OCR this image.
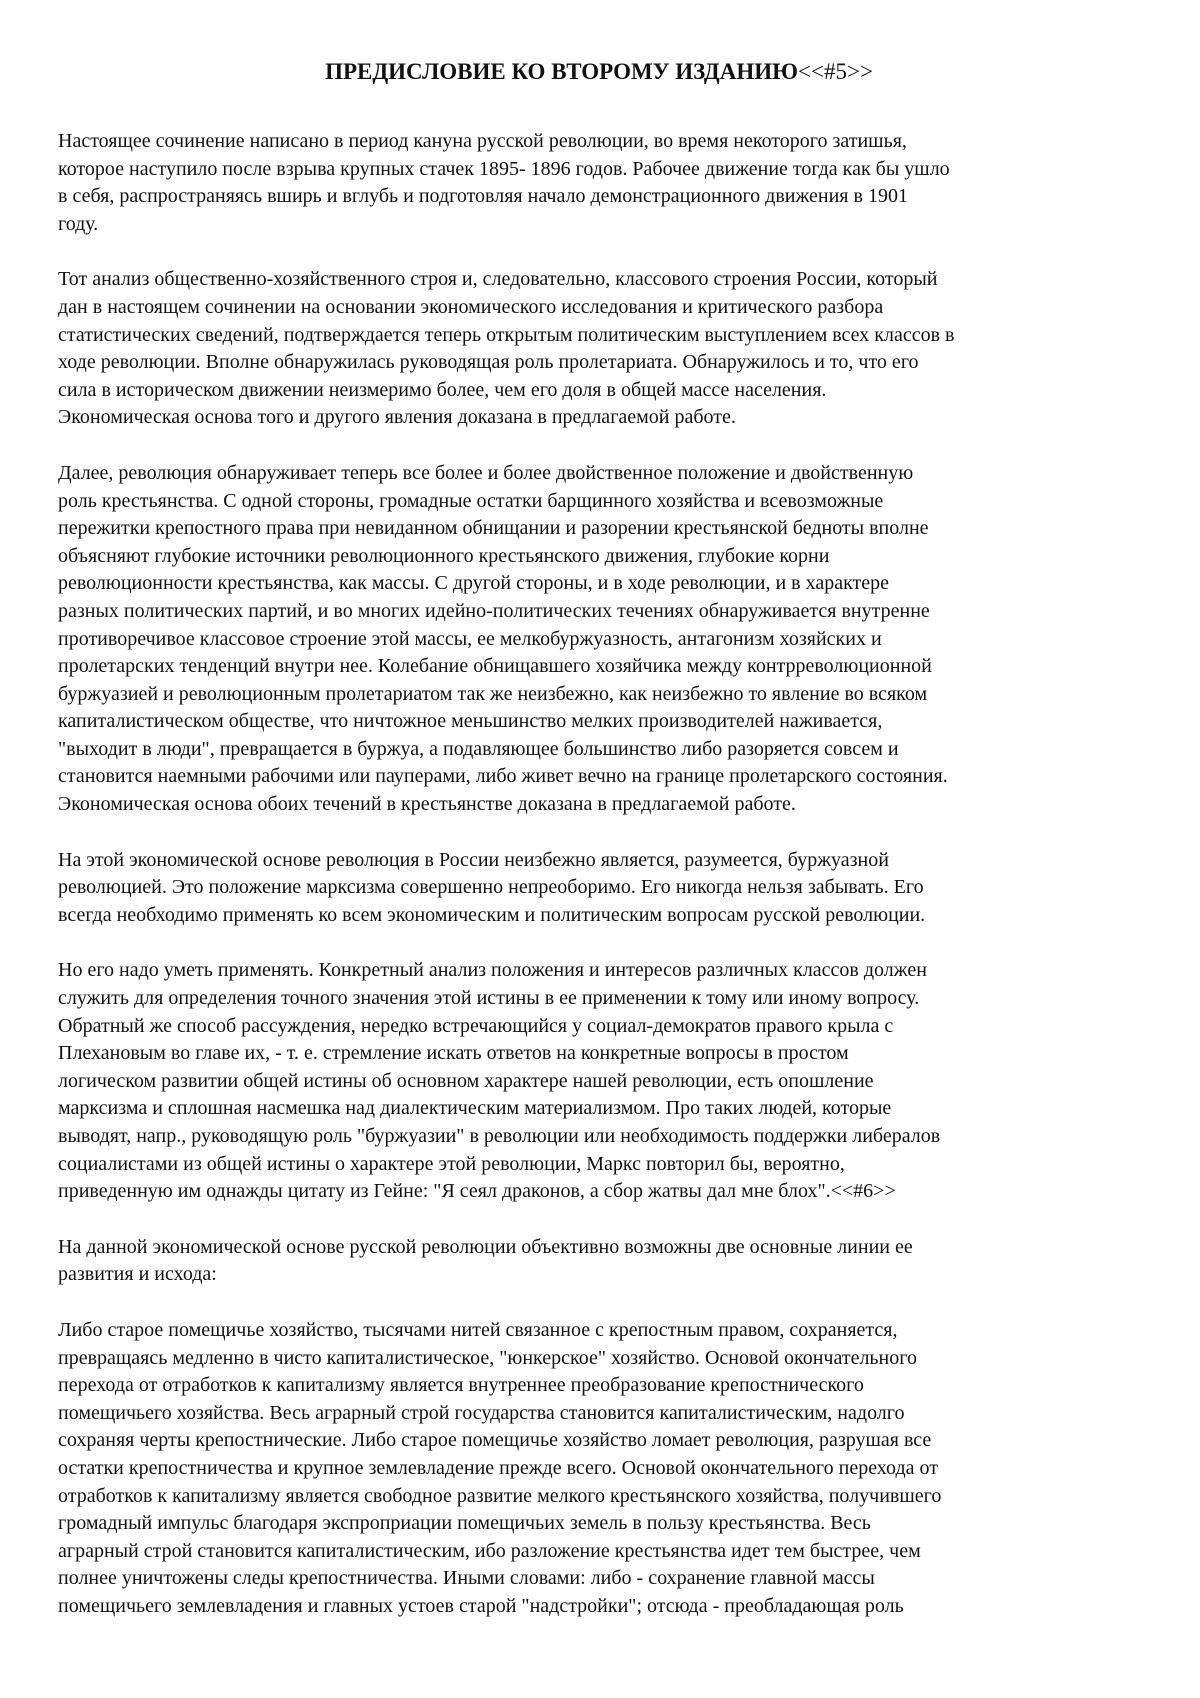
ПРЕДИСЛОВИЕ КО ВТОРОМУ ИЗДАНИЮ<<#5>>

Настоящее сочинение написано в период кануна русской революции, во время некоторого затишья,
которое наступило после взрыва крупных стачек 1895- 1896 годов. Рабочее движение тогда как бы ушло
в себя, распространяясь вширь и вглубь и подготовляя начало демонстрационного движения в 1901
году.

Тот анализ общественно-хозяйственного строя и, следовательно, классового строения России, который
дан в настоящем сочинении на основании экономического исследования и критического разбора
статистических сведений, подтверждается теперь открытым политическим выступлением всех классов в
ходе революции. Вполне обнаружилась руководящая роль пролетариата. Обнаружилось и то, что его
сила в историческом движении неизмеримо более, чем его доля в общей массе населения.
Экономическая основа того и другого явления доказана в предлагаемой работе.

Далее, революция обнаруживает теперь все более и более двойственное положение и двойственную
роль крестьянства. С одной стороны, громадные остатки барщинного хозяйства и всевозможные
пережитки крепостного права при невиданном обнищании и разорении крестьянской бедноты вполне
объясняют глубокие источники революционного крестьянского движения, глубокие корни
революционности крестьянства, как массы. С другой стороны, и в ходе революции, и в характере
разных политических партий, и во многих идейно-политических течениях обнаруживается внутренне
противоречивое классовое строение этой массы, ее мелкобуржуазность, антагонизм хозяйских и
пролетарских тенденций внутри нее. Колебание обнищавшего хозяйчика между контрреволюционной
буржуазией и революционным пролетариатом так же неизбежно, как неизбежно то явление во всяком
капиталистическом обществе, что ничтожное меньшинство мелких производителей наживается,
"выходит в люди", превращается в буржуа, а подавляющее большинство либо разоряется совсем и
становится наемными рабочими или пауперами, либо живет вечно на границе пролетарского состояния.
Экономическая основа обоих течений в крестьянстве доказана в предлагаемой работе.

На этой экономической основе революция в России неизбежно является, разумеется, буржуазной
революцией. Это положение марксизма совершенно непреоборимо. Его никогда нельзя забывать. Его
всегда необходимо применять ко всем экономическим и политическим вопросам русской революции.

Но его надо уметь применять. Конкретный анализ положения и интересов различных классов должен
служить для определения точного значения этой истины в ее применении к тому или иному вопросу.
Обратный же способ рассуждения, нередко встречающийся у социал-демократов правого крыла с
Плехановым во главе их, - т. е. стремление искать ответов на конкретные вопросы в простом
логическом развитии общей истины об основном характере нашей революции, есть опошление
марксизма и сплошная насмешка над диалектическим материализмом. Про таких людей, которые
выводят, напр., руководящую роль "буржуазии" в революции или необходимость поддержки либералов
социалистами из общей истины о характере этой революции, Маркс повторил бы, вероятно,
приведенную им однажды цитату из Гейне: "Я сеял драконов, а сбор жатвы дал мне блох".<<#6>>

На данной экономической основе русской революции объективно возможны две основные линии ее
развития и исхода:

Либо старое помещичье хозяйство, тысячами нитей связанное с крепостным правом, сохраняется,
превращаясь медленно в чисто капиталистическое, "юнкерское" хозяйство. Основой окончательного
перехода от отработков к капитализму является внутреннее преобразование крепостнического
помещичьего хозяйства. Весь аграрный строй государства становится капиталистическим, надолго
сохраняя черты крепостнические. Либо старое помещичье хозяйство ломает революция, разрушая все
остатки крепостничества и крупное землевладение прежде всего. Основой окончательного перехода от
отработков к капитализму является свободное развитие мелкого крестьянского хозяйства, получившего
громадный импульс благодаря экспроприации помещичьих земель в пользу крестьянства. Весь
аграрный строй становится капиталистическим, ибо разложение крестьянства идет тем быстрее, чем
полнее уничтожены следы крепостничества. Иными словами: либо - сохранение главной массы
помещичьего землевладения и главных устоев старой "надстройки"; отсюда - преобладающая роль
